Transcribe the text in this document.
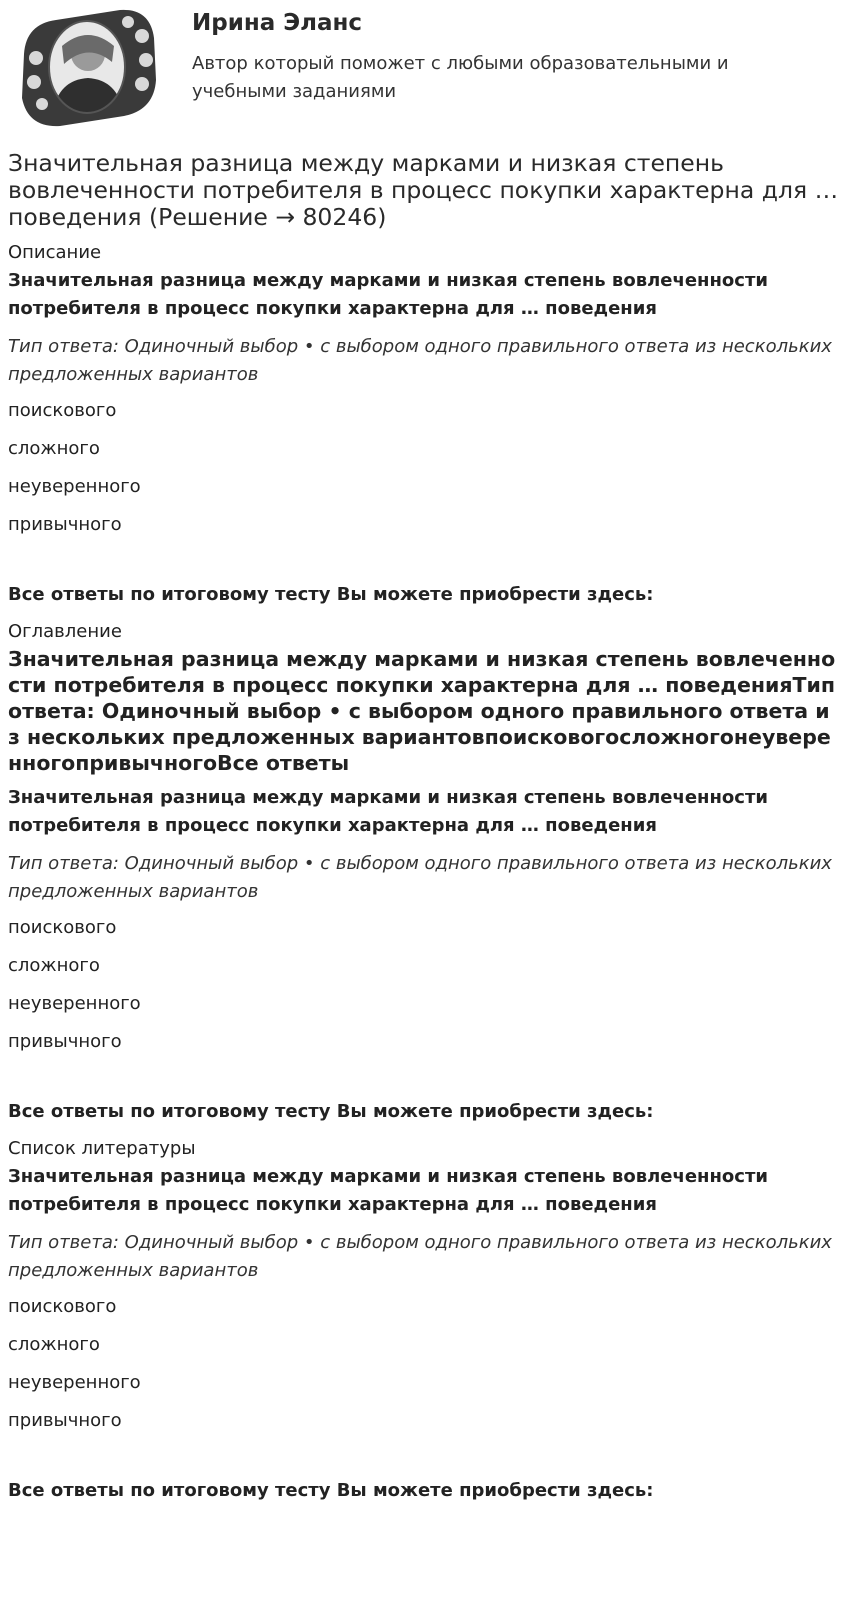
Ирина Эланс
Автор который поможет с любыми образовательными и учебными заданиями
Значительная разница между марками и низкая степень вовлеченности потребителя в процесс покупки характерна для … поведения (Решение → 80246)
Описание
Значительная разница между марками и низкая степень вовлеченности потребителя в процесс покупки характерна для … поведения
Тип ответа: Одиночный выбор • с выбором одного правильного ответа из нескольких предложенных вариантов
поискового
сложного
неуверенного
привычного
Все ответы по итоговому тесту Вы можете приобрести здесь:
Оглавление
Значительная разница между марками и низкая степень вовлеченности потребителя в процесс покупки характерна для … поведенияТип ответа: Одиночный выбор • с выбором одного правильного ответа из нескольких предложенных вариантовпоисковогосложногонеуверенногопривычногоВсе ответы
Значительная разница между марками и низкая степень вовлеченности потребителя в процесс покупки характерна для … поведения
Тип ответа: Одиночный выбор • с выбором одного правильного ответа из нескольких предложенных вариантов
поискового
сложного
неуверенного
привычного
Все ответы по итоговому тесту Вы можете приобрести здесь:
Список литературы
Значительная разница между марками и низкая степень вовлеченности потребителя в процесс покупки характерна для … поведения
Тип ответа: Одиночный выбор • с выбором одного правильного ответа из нескольких предложенных вариантов
поискового
сложного
неуверенного
привычного
Все ответы по итоговому тесту Вы можете приобрести здесь:
